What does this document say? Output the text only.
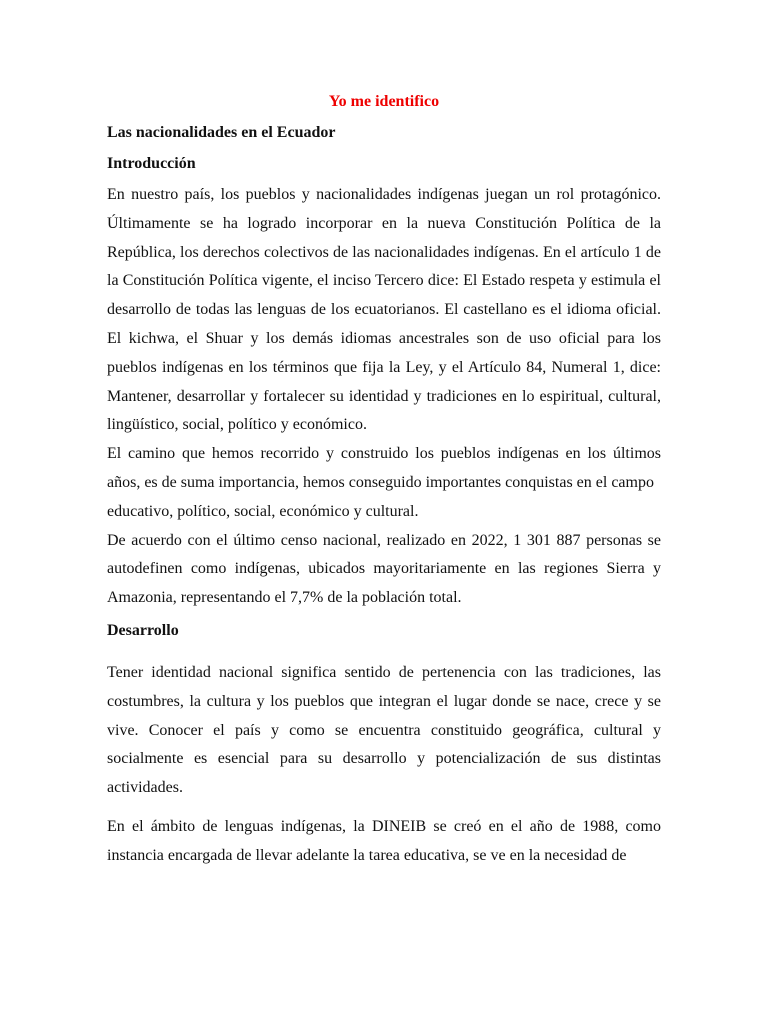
Yo me identifico
Las nacionalidades en el Ecuador
Introducción

En nuestro país, los pueblos y nacionalidades indígenas juegan un rol protagónico. Últimamente se ha logrado incorporar en la nueva Constitución Política de la República, los derechos colectivos de las nacionalidades indígenas. En el artículo 1 de la Constitución Política vigente, el inciso Tercero dice: El Estado respeta y estimula el desarrollo de todas las lenguas de los ecuatorianos. El castellano es el idioma oficial. El kichwa, el Shuar y los demás idiomas ancestrales son de uso oficial para los pueblos indígenas en los términos que fija la Ley, y el Artículo 84, Numeral 1, dice: Mantener, desarrollar y fortalecer su identidad y tradiciones en lo espiritual, cultural, lingüístico, social, político y económico.

El camino que hemos recorrido y construido los pueblos indígenas en los últimos años, es de suma importancia, hemos conseguido importantes conquistas en el campo

educativo, político, social, económico y cultural.

De acuerdo con el último censo nacional, realizado en 2022, 1 301 887 personas se autodefinen como indígenas, ubicados mayoritariamente en las regiones Sierra y Amazonia, representando el 7,7% de la población total.

Desarrollo

Tener identidad nacional significa sentido de pertenencia con las tradiciones, las costumbres, la cultura y los pueblos que integran el lugar donde se nace, crece y se vive. Conocer el país y como se encuentra constituido geográfica, cultural y socialmente es esencial para su desarrollo y potencialización de sus distintas actividades.

En el ámbito de lenguas indígenas, la DINEIB se creó en el año de 1988, como instancia encargada de llevar adelante la tarea educativa, se ve en la necesidad de
